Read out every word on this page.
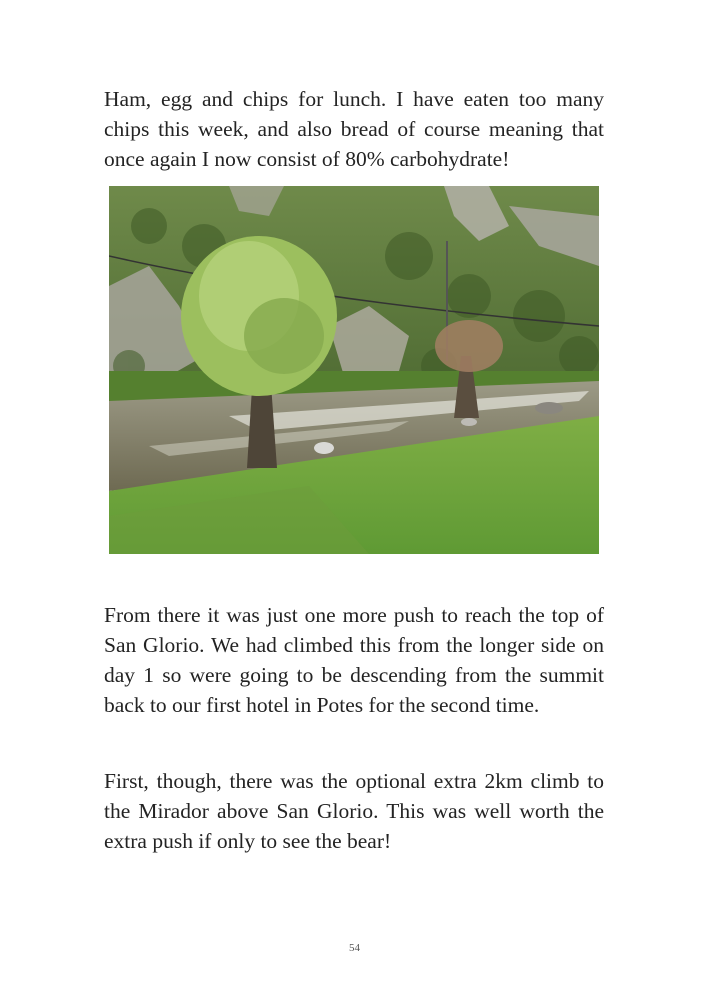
Ham, egg and chips for lunch. I have eaten too many chips this week, and also bread of course meaning that once again I now consist of 80% carbohydrate!

From there it was just one more push to reach the top of San Glorio. We had climbed this from the longer side on day 1 so were going to be descending from the summit back to our first hotel in Potes for the second time.

First, though, there was the optional extra 2km climb to the Mirador above San Glorio. This was well worth the extra push if only to see the bear!

54
